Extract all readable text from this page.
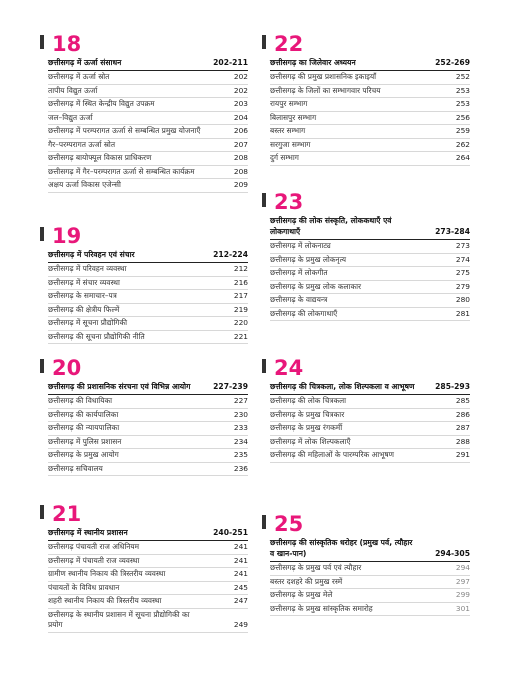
18
छत्तीसगढ़ में ऊर्जा संसाधन	202-211
छत्तीसगढ़ में ऊर्जा स्रोत	202
तापीय विद्युत ऊर्जा	202
छत्तीसगढ़ में स्थित केन्द्रीय विद्युत उपक्रम	203
जल–विद्युत ऊर्जा	204
छत्तीसगढ़ में परम्परागत ऊर्जा से सम्बन्धित प्रमुख योजनाएँ	206
गैर–परम्परागत ऊर्जा स्रोत	207
छत्तीसगढ़ बायोफ्यूल विकास प्राधिकरण	208
छत्तीसगढ़ में गैर–परम्परागत ऊर्जा से सम्बन्धित कार्यक्रम	208
अक्षय ऊर्जा विकास एजेन्सी	209
19
छत्तीसगढ़ में परिवहन एवं संचार	212-224
छत्तीसगढ़ में परिवहन व्यवस्था	212
छत्तीसगढ़ में संचार व्यवस्था	216
छत्तीसगढ़ के समाचार–पत्र	217
छत्तीसगढ़ की क्षेत्रीय फिल्में	219
छत्तीसगढ़ में सूचना प्रौद्योगिकी	220
छत्तीसगढ़ की सूचना प्रौद्योगिकी नीति	221
20
छत्तीसगढ़ की प्रशासनिक संरचना एवं विभिन्न आयोग	227-239
छत्तीसगढ़ की विधायिका	227
छत्तीसगढ़ की कार्यपालिका	230
छत्तीसगढ़ की न्यायपालिका	233
छत्तीसगढ़ में पुलिस प्रशासन	234
छत्तीसगढ़ के प्रमुख आयोग	235
छत्तीसगढ़ सचिवालय	236
21
छत्तीसगढ़ में स्थानीय प्रशासन	240-251
छत्तीसगढ़ पंचायती राज अधिनियम	241
छत्तीसगढ़ में पंचायती राज व्यवस्था	241
ग्रामीण स्थानीय निकाय की त्रिस्तरीय व्यवस्था	241
पंचायतों के विविध प्रावधान	245
शहरी स्थानीय निकाय की त्रिस्तरीय व्यवस्था	247
छत्तीसगढ़ के स्थानीय प्रशासन में सूचना प्रौद्योगिकी का प्रयोग	249
22
छत्तीसगढ़ का जिलेवार अध्ययन	252-269
छत्तीसगढ़ की प्रमुख प्रशासनिक इकाइयाँ	252
छत्तीसगढ़ के जिलों का सम्भागवार परिचय	253
रायपुर सम्भाग	253
बिलासपुर सम्भाग	256
बस्तर सम्भाग	259
सरगुजा सम्भाग	262
दुर्ग सम्भाग	264
23
छत्तीसगढ़ की लोक संस्कृति, लोककथाएँ एवं लोकगाथाएँ	273-284
छत्तीसगढ़ में लोकनाट्य	273
छत्तीसगढ़ के प्रमुख लोकनृत्य	274
छत्तीसगढ़ में लोकगीत	275
छत्तीसगढ़ के प्रमुख लोक कलाकार	279
छत्तीसगढ़ के वाद्ययन्त्र	280
छत्तीसगढ़ की लोकगाथाएँ	281
24
छत्तीसगढ़ की चित्रकला, लोक शिल्पकला व आभूषण	285-293
छत्तीसगढ़ की लोक चित्रकला	285
छत्तीसगढ़ के प्रमुख चित्रकार	286
छत्तीसगढ़ के प्रमुख रंगकर्मी	287
छत्तीसगढ़ में लोक शिल्पकलाएँ	288
छत्तीसगढ़ की महिलाओं के पारम्परिक आभूषण	291
25
छत्तीसगढ़ की सांस्कृतिक धरोहर (प्रमुख पर्व, त्यौहार व खान-पान)	294-305
छत्तीसगढ़ के प्रमुख पर्व एवं त्यौहार	294
बस्तर दशहरे की प्रमुख रस्में	297
छत्तीसगढ़ के प्रमुख मेले	299
छत्तीसगढ़ के प्रमुख सांस्कृतिक समारोह	301
